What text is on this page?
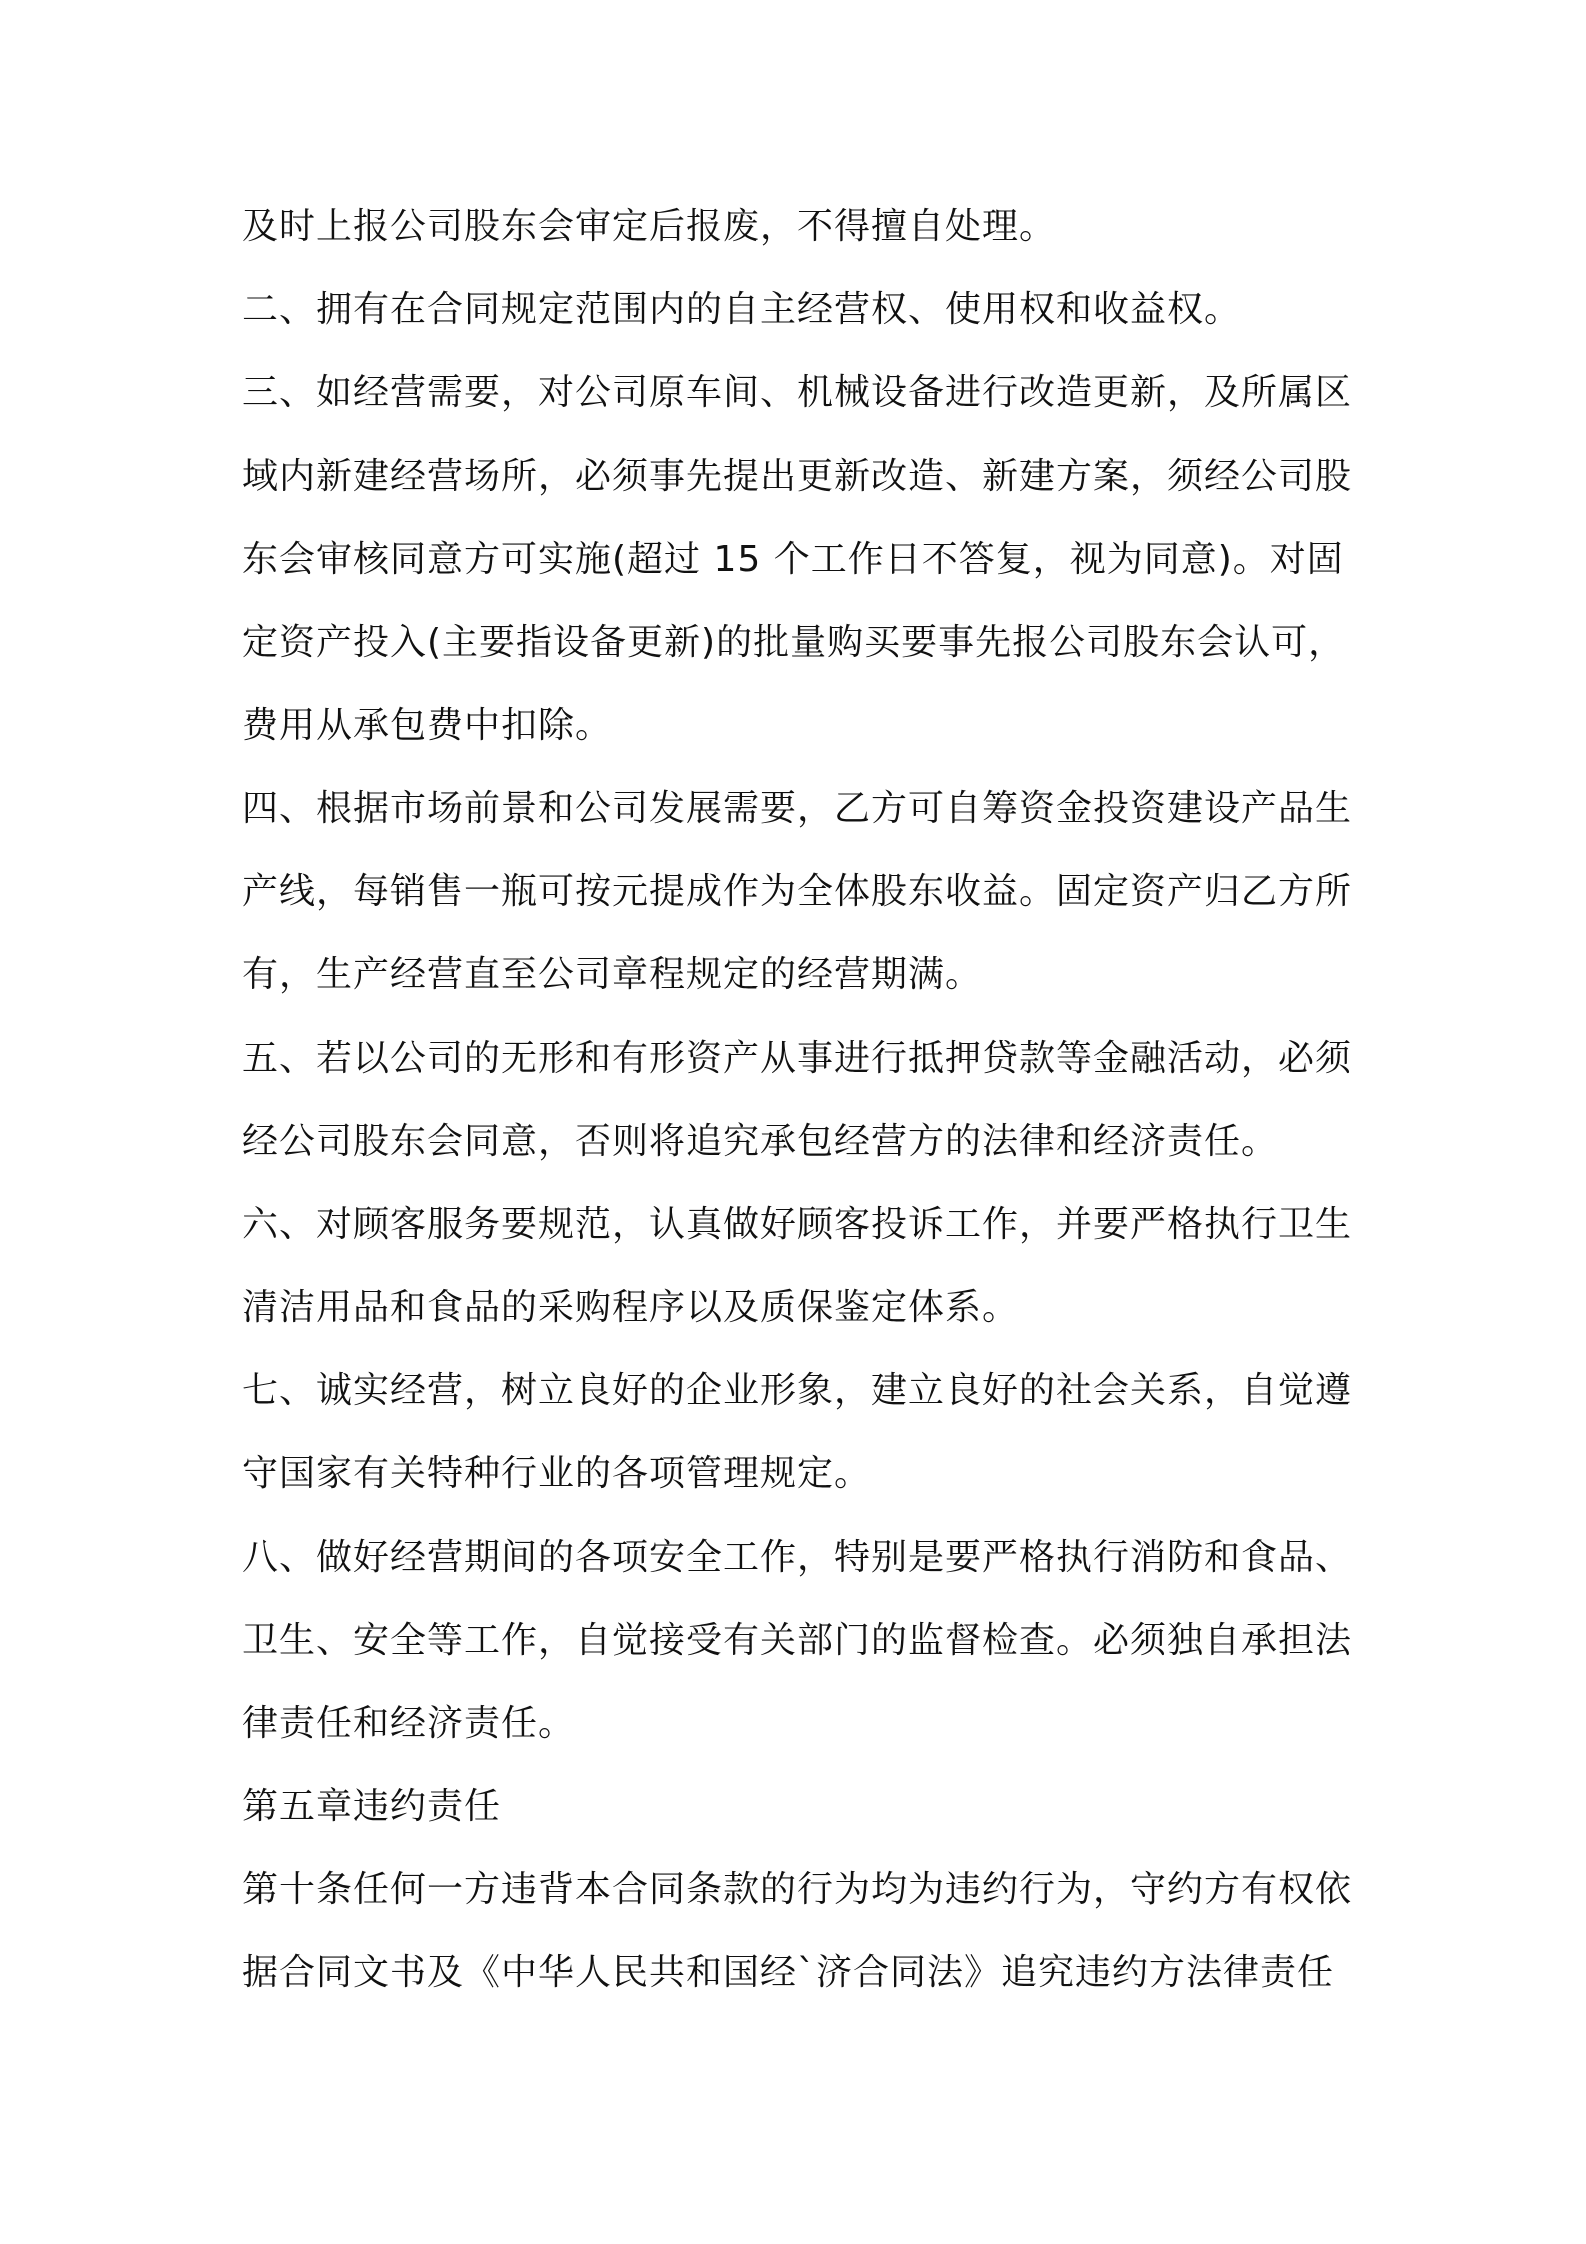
及时上报公司股东会审定后报废，不得擅自处理。
二、拥有在合同规定范围内的自主经营权、使用权和收益权。
三、如经营需要，对公司原车间、机械设备进行改造更新，及所属区
域内新建经营场所，必须事先提出更新改造、新建方案，须经公司股
东会审核同意方可实施(超过 15 个工作日不答复，视为同意)。对固
定资产投入(主要指设备更新)的批量购买要事先报公司股东会认可，
费用从承包费中扣除。
四、根据市场前景和公司发展需要，乙方可自筹资金投资建设产品生
产线，每销售一瓶可按元提成作为全体股东收益。固定资产归乙方所
有，生产经营直至公司章程规定的经营期满。
五、若以公司的无形和有形资产从事进行抵押贷款等金融活动，必须
经公司股东会同意，否则将追究承包经营方的法律和经济责任。
六、对顾客服务要规范，认真做好顾客投诉工作，并要严格执行卫生
清洁用品和食品的采购程序以及质保鉴定体系。
七、诚实经营，树立良好的企业形象，建立良好的社会关系，自觉遵
守国家有关特种行业的各项管理规定。
八、做好经营期间的各项安全工作，特别是要严格执行消防和食品、
卫生、安全等工作，自觉接受有关部门的监督检查。必须独自承担法
律责任和经济责任。
第五章违约责任
第十条任何一方违背本合同条款的行为均为违约行为，守约方有权依
据合同文书及《中华人民共和国经`济合同法》追究违约方法律责任
